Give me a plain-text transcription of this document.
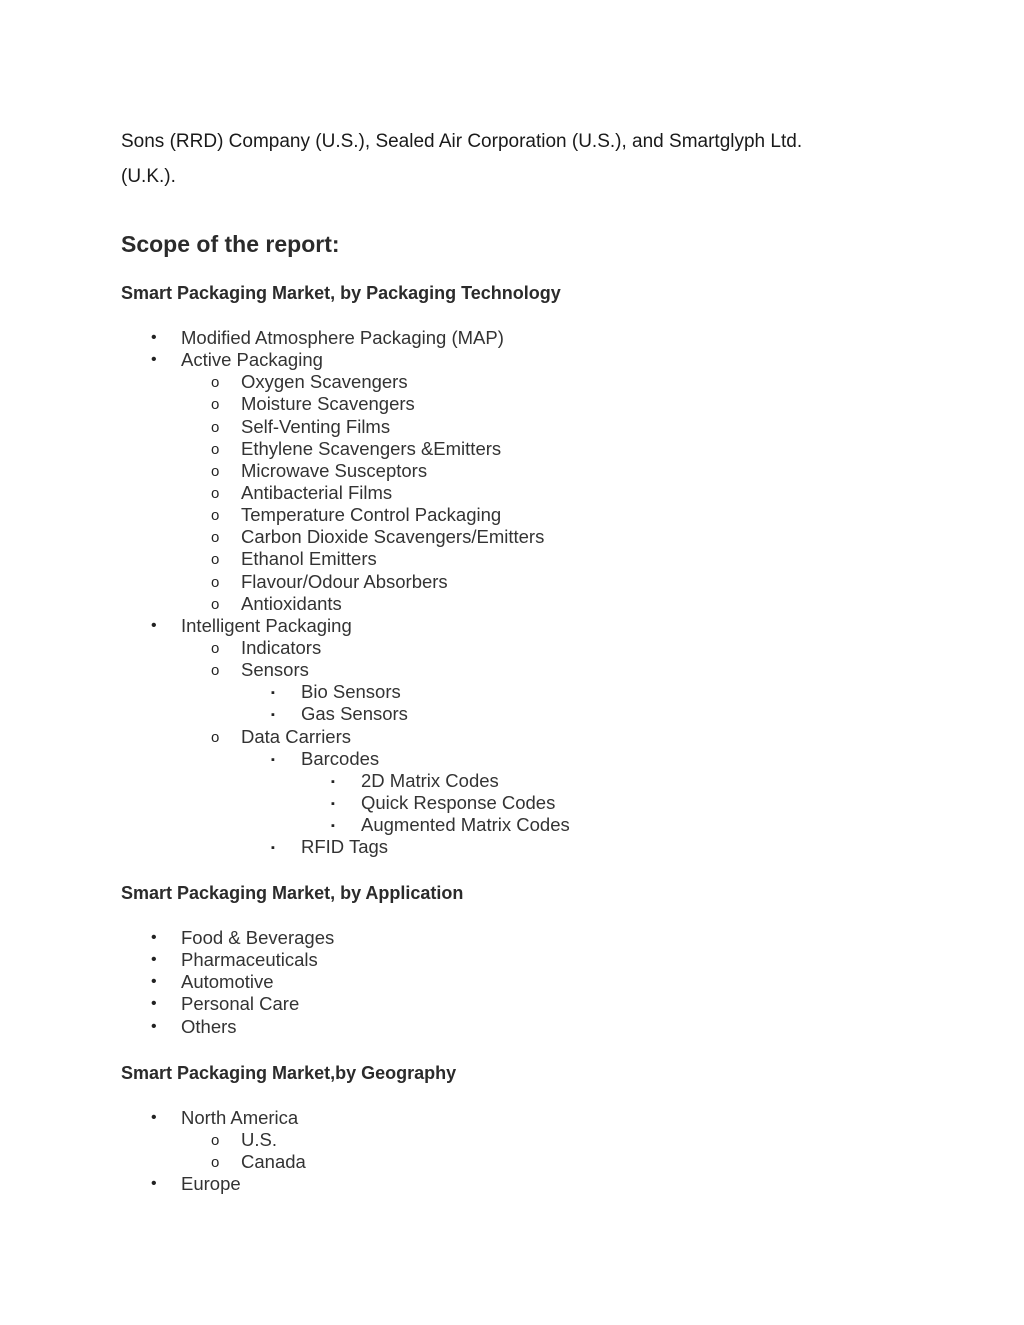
Sons (RRD) Company (U.S.), Sealed Air Corporation (U.S.), and Smartglyph Ltd.
(U.K.).

Scope of the report:
Smart Packaging Market, by Packaging Technology
• Modified Atmosphere Packaging (MAP)
• Active Packaging
o Oxygen Scavengers
o Moisture Scavengers
o Self-Venting Films
o Ethylene Scavengers &Emitters
o Microwave Susceptors
o Antibacterial Films
o Temperature Control Packaging
o Carbon Dioxide Scavengers/Emitters
o Ethanol Emitters
o Flavour/Odour Absorbers
o Antioxidants
• Intelligent Packaging
o Indicators
o Sensors
▪ Bio Sensors
▪ Gas Sensors
o Data Carriers
▪ Barcodes
▪ 2D Matrix Codes
▪ Quick Response Codes
▪ Augmented Matrix Codes
▪ RFID Tags
Smart Packaging Market, by Application
• Food & Beverages
• Pharmaceuticals
• Automotive
• Personal Care
• Others
Smart Packaging Market,by Geography
• North America
o U.S.
o Canada
• Europe
